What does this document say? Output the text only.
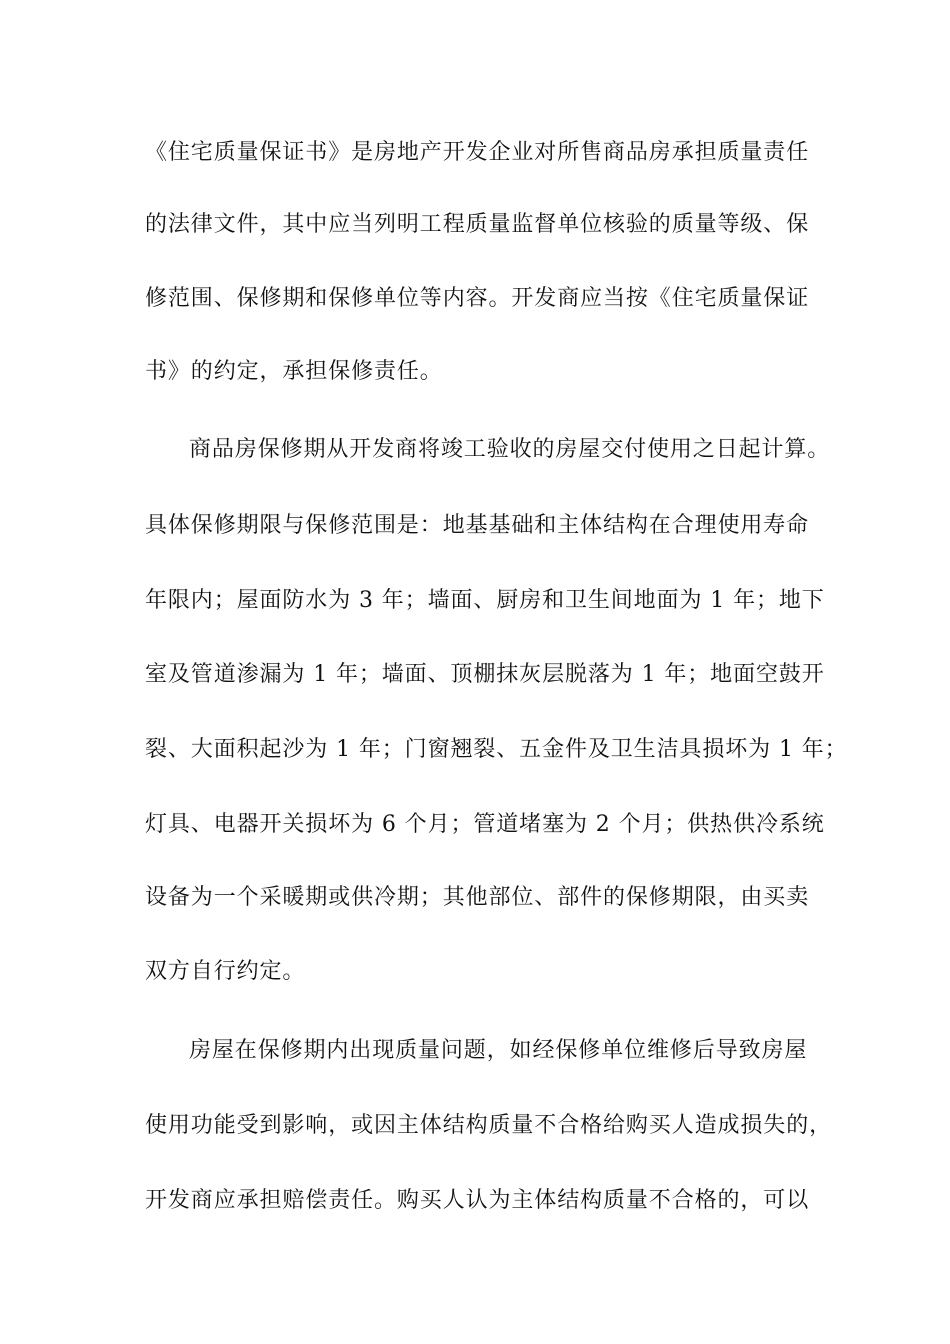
《住宅质量保证书》是房地产开发企业对所售商品房承担质量责任
的法律文件，其中应当列明工程质量监督单位核验的质量等级、保
修范围、保修期和保修单位等内容。开发商应当按《住宅质量保证
书》的约定，承担保修责任。
商品房保修期从开发商将竣工验收的房屋交付使用之日起计算。
具体保修期限与保修范围是：地基基础和主体结构在合理使用寿命
年限内；屋面防水为 3 年；墙面、厨房和卫生间地面为 1 年；地下
室及管道渗漏为 1 年；墙面、顶棚抹灰层脱落为 1 年；地面空鼓开
裂、大面积起沙为 1 年；门窗翘裂、五金件及卫生洁具损坏为 1 年；
灯具、电器开关损坏为 6 个月；管道堵塞为 2 个月；供热供冷系统
设备为一个采暖期或供冷期；其他部位、部件的保修期限，由买卖
双方自行约定。
房屋在保修期内出现质量问题，如经保修单位维修后导致房屋
使用功能受到影响，或因主体结构质量不合格给购买人造成损失的，
开发商应承担赔偿责任。购买人认为主体结构质量不合格的，可以
